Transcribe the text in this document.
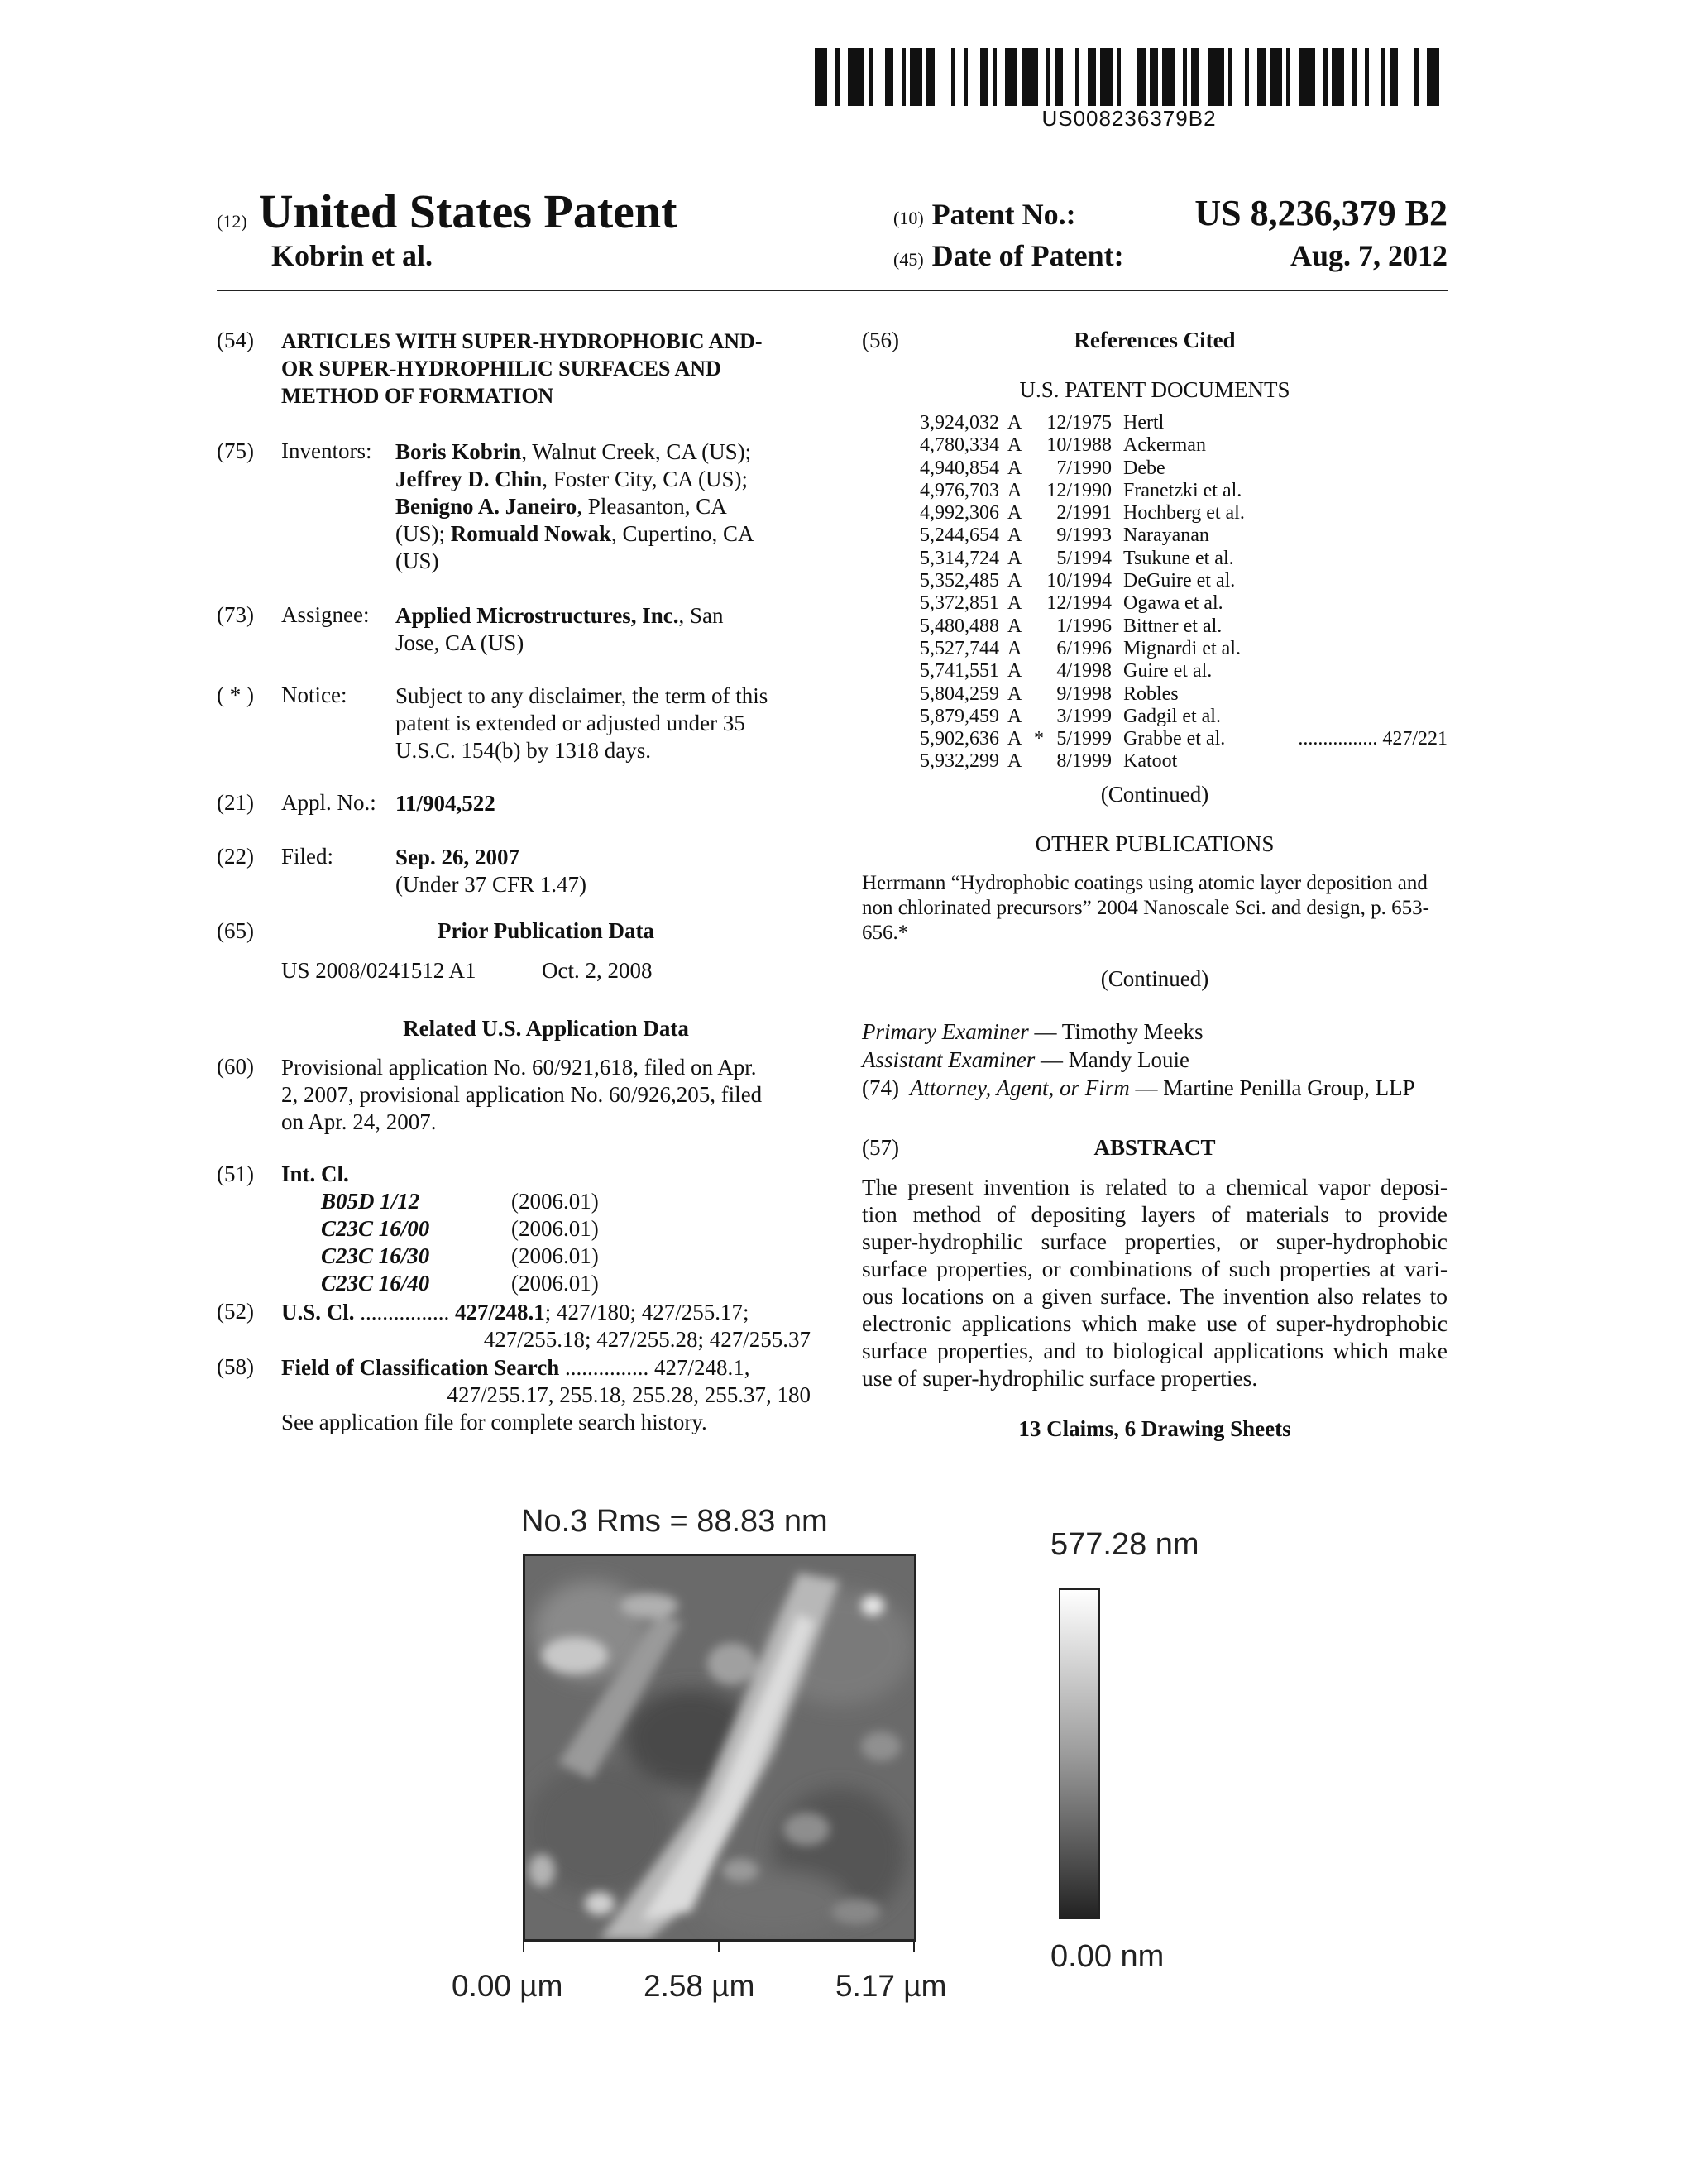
US008236379B2
(12) United States Patent
Kobrin et al.
(10) Patent No.:	US 8,236,379 B2
(45) Date of Patent:	Aug. 7, 2012
(54) ARTICLES WITH SUPER-HYDROPHOBIC AND-OR SUPER-HYDROPHILIC SURFACES AND METHOD OF FORMATION
(75) Inventors: Boris Kobrin, Walnut Creek, CA (US);
Jeffrey D. Chin, Foster City, CA (US);
Benigno A. Janeiro, Pleasanton, CA
(US); Romuald Nowak, Cupertino, CA
(US)
(73) Assignee: Applied Microstructures, Inc., San
Jose, CA (US)
( * ) Notice: Subject to any disclaimer, the term of this
patent is extended or adjusted under 35
U.S.C. 154(b) by 1318 days.
(21) Appl. No.: 11/904,522
(22) Filed:	Sep. 26, 2007
(Under 37 CFR 1.47)
(65)	Prior Publication Data
US 2008/0241512 A1	Oct. 2, 2008
Related U.S. Application Data
(60) Provisional application No. 60/921,618, filed on Apr.
2, 2007, provisional application No. 60/926,205, filed
on Apr. 24, 2007.
(51) Int. Cl.
B05D 1/12	(2006.01)
C23C 16/00	(2006.01)
C23C 16/30	(2006.01)
C23C 16/40	(2006.01)
(52) U.S. Cl. ................ 427/248.1; 427/180; 427/255.17;
427/255.18; 427/255.28; 427/255.37
(58) Field of Classification Search ............... 427/248.1,
427/255.17, 255.18, 255.28, 255.37, 180
See application file for complete search history.
(56)	References Cited
U.S. PATENT DOCUMENTS
3,924,032 A 12/1975 Hertl
4,780,334 A 10/1988 Ackerman
4,940,854 A	7/1990 Debe
4,976,703 A 12/1990 Franetzki et al.
4,992,306 A	2/1991 Hochberg et al.
5,244,654 A	9/1993 Narayanan
5,314,724 A	5/1994 Tsukune et al.
5,352,485 A 10/1994 DeGuire et al.
5,372,851 A 12/1994 Ogawa et al.
5,480,488 A	1/1996 Bittner et al.
5,527,744 A	6/1996 Mignardi et al.
5,741,551 A	4/1998 Guire et al.
5,804,259 A	9/1998 Robles
5,879,459 A	3/1999 Gadgil et al.
5,902,636 A * 5/1999 Grabbe et al.	................ 427/221
5,932,299 A	8/1999 Katoot
(Continued)
OTHER PUBLICATIONS
Herrmann “Hydrophobic coatings using atomic layer deposition and
non chlorinated precursors” 2004 Nanoscale Sci. and design, p. 653-
656.*
(Continued)
Primary Examiner — Timothy Meeks
Assistant Examiner — Mandy Louie
(74) Attorney, Agent, or Firm — Martine Penilla Group, LLP
(57)	ABSTRACT
The present invention is related to a chemical vapor deposi-
tion method of depositing layers of materials to provide
super-hydrophilic surface properties, or super-hydrophobic
surface properties, or combinations of such properties at vari-
ous locations on a given surface. The invention also relates to
electronic applications which make use of super-hydrophobic
surface properties, and to biological applications which make
use of super-hydrophilic surface properties.
13 Claims, 6 Drawing Sheets
No.3 Rms = 88.83 nm
0.00 µm	2.58 µm	5.17 µm
577.28 nm
0.00 nm
